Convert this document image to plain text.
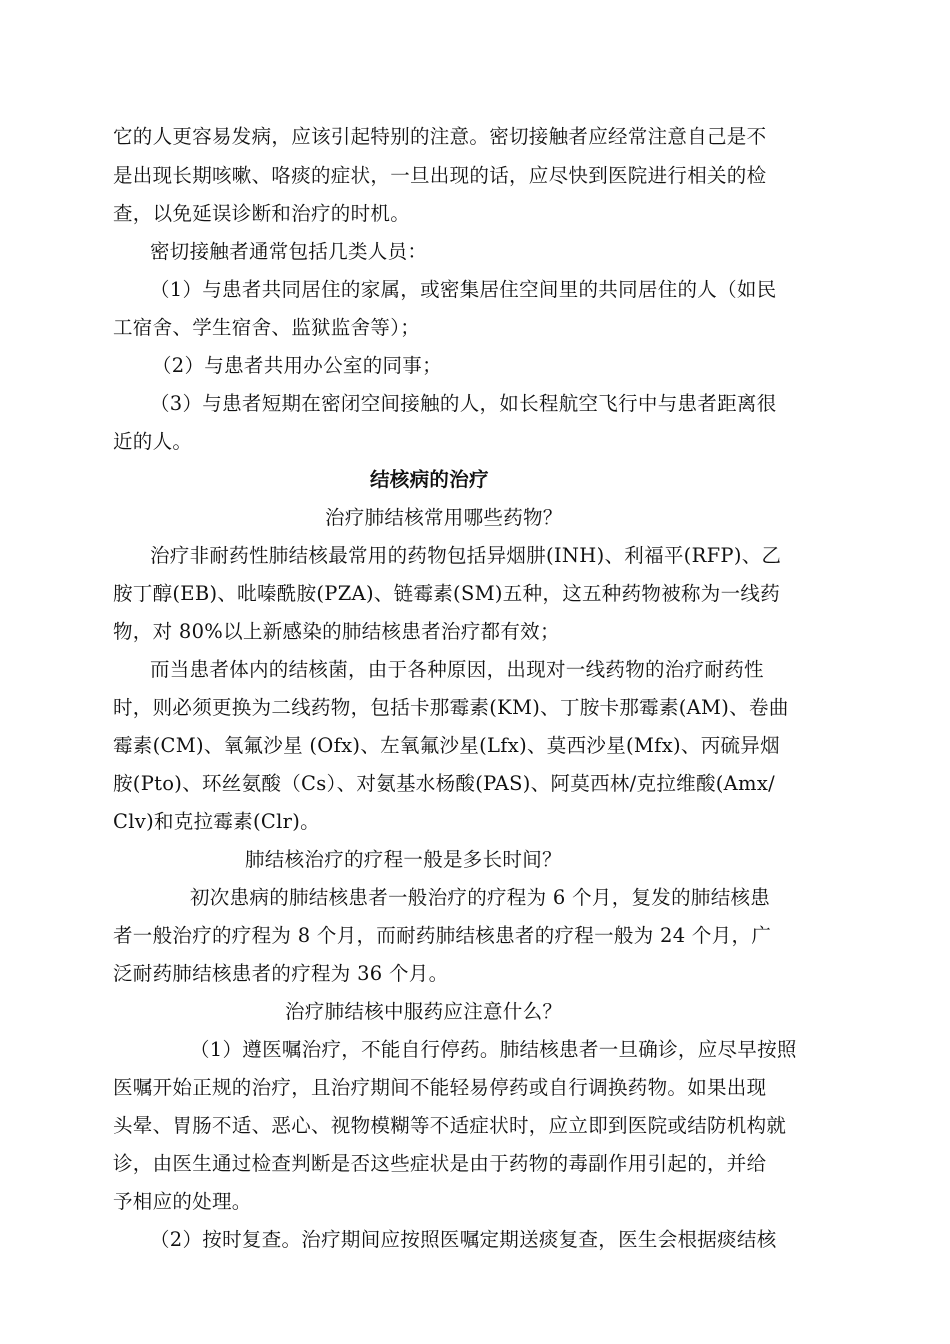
它的人更容易发病，应该引起特别的注意。密切接触者应经常注意自己是不
是出现长期咳嗽、咯痰的症状，一旦出现的话，应尽快到医院进行相关的检
查，以免延误诊断和治疗的时机。
密切接触者通常包括几类人员：
（1）与患者共同居住的家属，或密集居住空间里的共同居住的人（如民
工宿舍、学生宿舍、监狱监舍等）；
（2）与患者共用办公室的同事；
（3）与患者短期在密闭空间接触的人，如长程航空飞行中与患者距离很
近的人。
结核病的治疗
治疗肺结核常用哪些药物？
治疗非耐药性肺结核最常用的药物包括异烟肼(INH)、利福平(RFP)、乙
胺丁醇(EB)、吡嗪酰胺(PZA)、链霉素(SM)五种，这五种药物被称为一线药
物，对 80%以上新感染的肺结核患者治疗都有效；
而当患者体内的结核菌，由于各种原因，出现对一线药物的治疗耐药性
时，则必须更换为二线药物，包括卡那霉素(KM)、丁胺卡那霉素(AM)、卷曲
霉素(CM)、氧氟沙星 (Ofx)、左氧氟沙星(Lfx)、莫西沙星(Mfx)、丙硫异烟
胺(Pto)、环丝氨酸（Cs）、对氨基水杨酸(PAS)、阿莫西林/克拉维酸(Amx/
Clv)和克拉霉素(Clr)。
肺结核治疗的疗程一般是多长时间？
初次患病的肺结核患者一般治疗的疗程为 6 个月，复发的肺结核患
者一般治疗的疗程为 8 个月，而耐药肺结核患者的疗程一般为 24 个月，广
泛耐药肺结核患者的疗程为 36 个月。
治疗肺结核中服药应注意什么？
（1）遵医嘱治疗，不能自行停药。肺结核患者一旦确诊，应尽早按照
医嘱开始正规的治疗，且治疗期间不能轻易停药或自行调换药物。如果出现
头晕、胃肠不适、恶心、视物模糊等不适症状时，应立即到医院或结防机构就
诊，由医生通过检查判断是否这些症状是由于药物的毒副作用引起的，并给
予相应的处理。
（2）按时复查。治疗期间应按照医嘱定期送痰复查，医生会根据痰结核
